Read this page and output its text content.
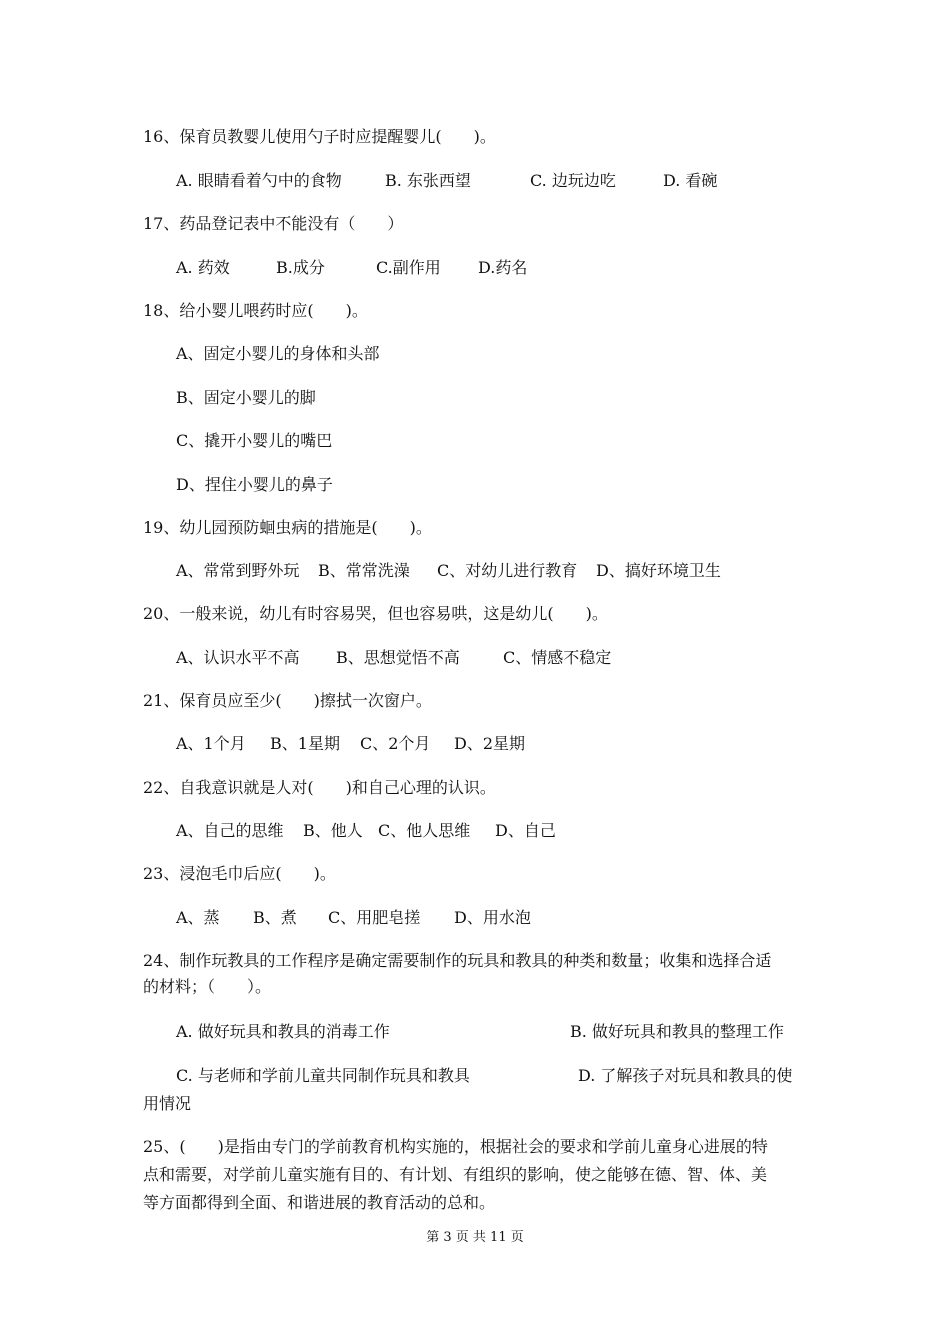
16、保育员教婴儿使用勺子时应提醒婴儿(　　)。
A. 眼睛看着勺中的食物	B. 东张西望	C. 边玩边吃	D. 看碗
17、药品登记表中不能没有（　　）
A. 药效	B.成分	C.副作用 D.药名
18、给小婴儿喂药时应(　　)。
A、固定小婴儿的身体和头部
B、固定小婴儿的脚
C、撬开小婴儿的嘴巴
D、捏住小婴儿的鼻子
19、幼儿园预防蛔虫病的措施是(　　)。
A、常常到野外玩 B、常常洗澡 C、对幼儿进行教育 D、搞好环境卫生
20、一般来说，幼儿有时容易哭，但也容易哄，这是幼儿(　　)。
A、认识水平不高 B、思想觉悟不高	C、情感不稳定
21、保育员应至少(　　)擦拭一次窗户。
A、1个月 B、1星期 C、2个月 D、2星期
22、自我意识就是人对(　　)和自己心理的认识。
A、自己的思维 B、他人 C、他人思维 D、自己
23、浸泡毛巾后应(　　)。
A、蒸 B、煮 C、用肥皂搓 D、用水泡
24、制作玩教具的工作程序是确定需要制作的玩具和教具的种类和数量；收集和选择合适
的材料；（　　）。
A. 做好玩具和教具的消毒工作	B. 做好玩具和教具的整理工作
C. 与老师和学前儿童共同制作玩具和教具	D. 了解孩子对玩具和教具的使
用情况
25、(　　)是指由专门的学前教育机构实施的，根据社会的要求和学前儿童身心进展的特
点和需要，对学前儿童实施有目的、有计划、有组织的影响，使之能够在德、智、体、美
等方面都得到全面、和谐进展的教育活动的总和。
第 3 页 共 11 页
